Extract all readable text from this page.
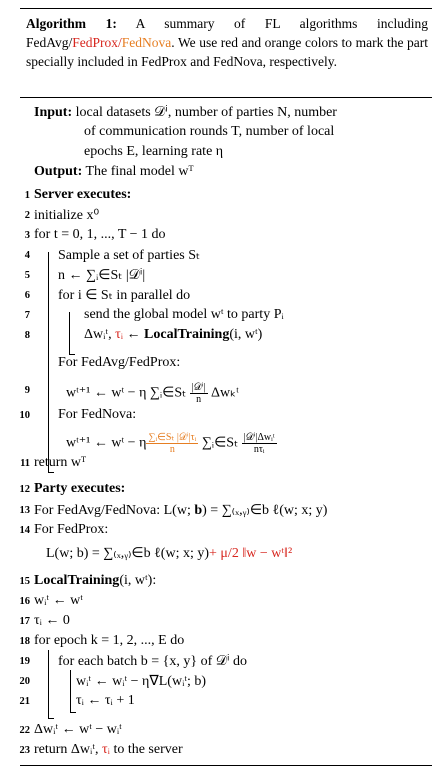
Algorithm 1: A summary of FL algorithms including FedAvg/FedProx/FedNova. We use red and orange colors to mark the part specially included in FedProx and FedNova, respectively.
Input: local datasets 𝒟ⁱ, number of parties N, number
of communication rounds T, number of local
epochs E, learning rate η
Output: The final model wᵀ
1 Server executes:
2 initialize x⁰
3 for t = 0, 1, ..., T − 1 do
4 Sample a set of parties Sₜ
5 n ← ∑ᵢ∈Sₜ |𝒟ⁱ|
6 for i ∈ Sₜ in parallel do
7	send the global model wᵗ to party Pᵢ
8	Δwᵢᵗ, τᵢ ← LocalTraining(i, wᵗ)
For FedAvg/FedProx:
9	wᵗ⁺¹ ← wᵗ − η ∑ᵢ∈Sₜ $\frac{\text{|𝒟ⁱ|}}{n}$ Δwₖᵗ
10 For FedNova:
wᵗ⁺¹ ← wᵗ − η $\frac{\text{∑ᵢ∈Sₜ |𝒟ⁱ|τᵢ}}{n}$ ∑ᵢ∈Sₜ $\frac{\text{|𝒟ⁱ|Δwᵢᵗ}}{\text{nτᵢ}}$
11 return wᵀ
12 Party executes:
13 For FedAvg/FedNova: L(w; b) = ∑₍ₓ,ᵧ₎∈b ℓ(w; x; y)
14 For FedProx:
L(w; b) = ∑₍ₓ,ᵧ₎∈b ℓ(w; x; y)+ μ/2 ‖w − wᵗ‖²
15 LocalTraining(i, wᵗ):
16 wᵢᵗ ← wᵗ
17 τᵢ ← 0
18 for epoch k = 1, 2, ..., E do
19 for each batch b = {x, y} of 𝒟ⁱ do
20	wᵢᵗ ← wᵢᵗ − η∇L(wᵢᵗ; b)
21	τᵢ ← τᵢ + 1
22 Δwᵢᵗ ← wᵗ − wᵢᵗ
23 return Δwᵢᵗ, τᵢ to the server
